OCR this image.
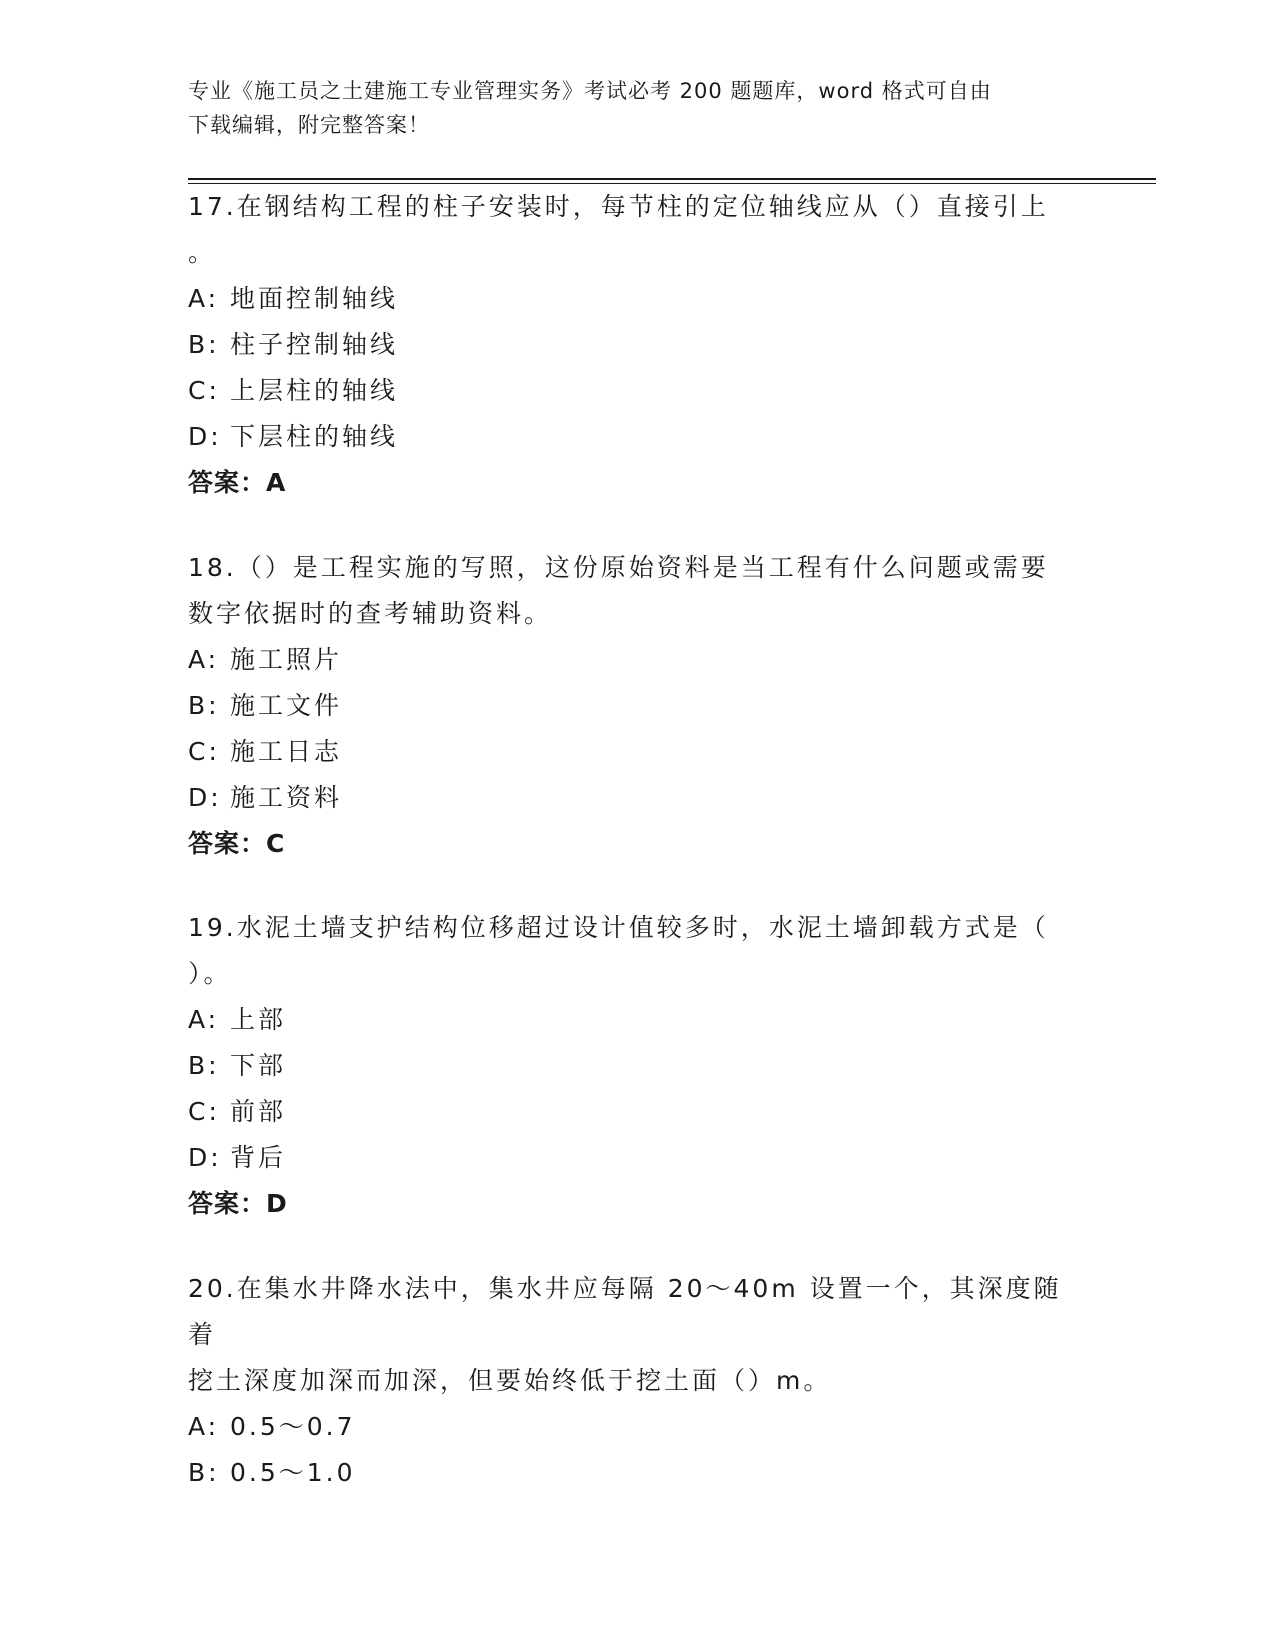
专业《施工员之土建施工专业管理实务》考试必考 200 题题库，word 格式可自由
下载编辑，附完整答案！

17.在钢结构工程的柱子安装时，每节柱的定位轴线应从（）直接引上

。

A: 地面控制轴线

B: 柱子控制轴线

C: 上层柱的轴线

D: 下层柱的轴线

答案：A

18.（）是工程实施的写照，这份原始资料是当工程有什么问题或需要

数字依据时的查考辅助资料。

A: 施工照片

B: 施工文件

C: 施工日志

D: 施工资料

答案：C

19.水泥土墙支护结构位移超过设计值较多时，水泥土墙卸载方式是（

）。

A: 上部

B: 下部

C: 前部

D: 背后

答案：D

20.在集水井降水法中，集水井应每隔 20～40m 设置一个，其深度随着

挖土深度加深而加深，但要始终低于挖土面（）m。

A: 0.5～0.7

B: 0.5～1.0
